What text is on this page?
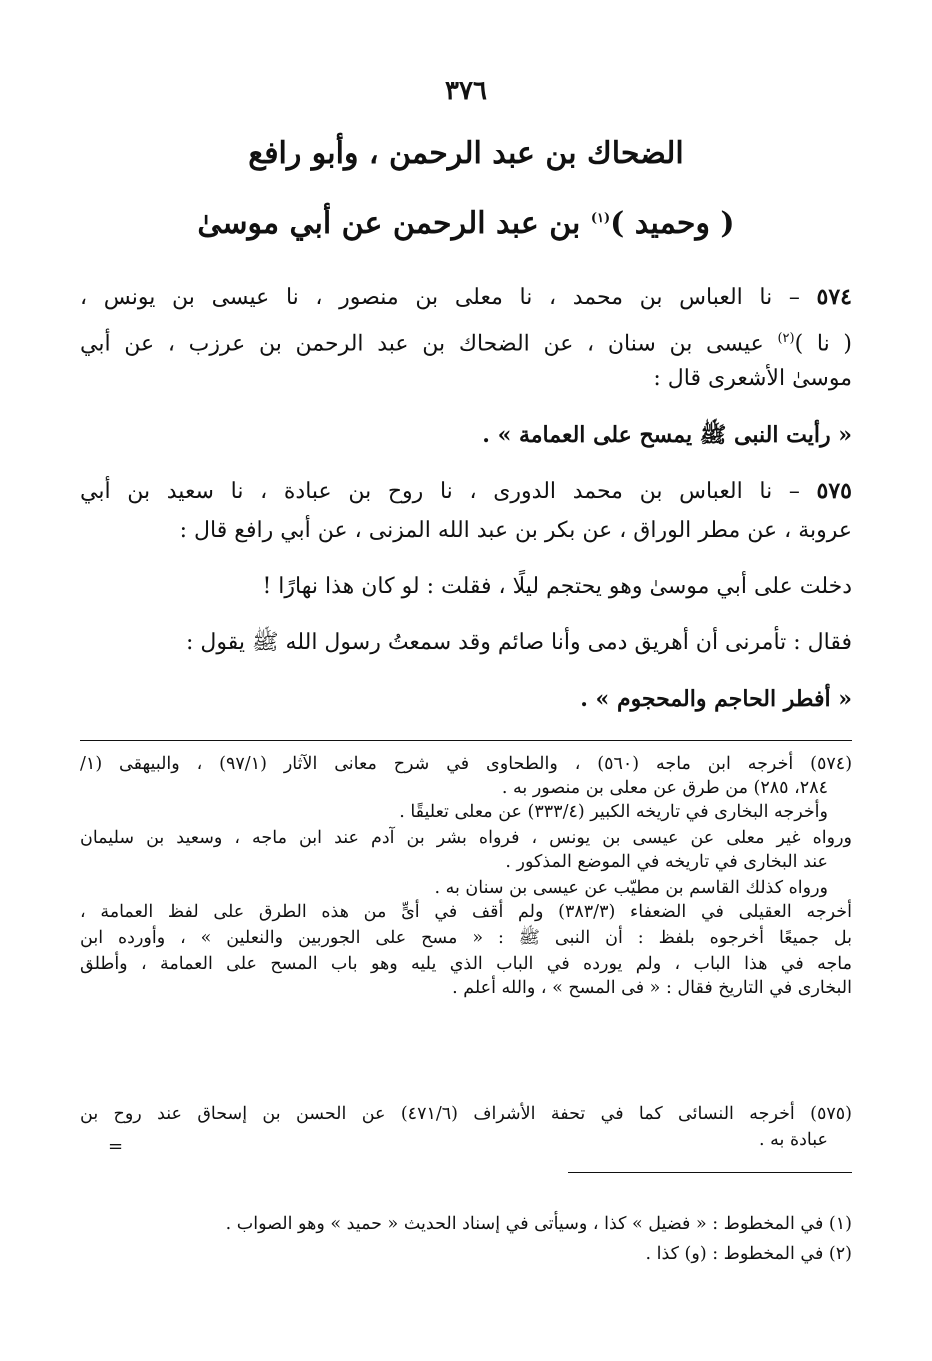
٣٧٦
الضحاك بن عبد الرحمن ، وأبو رافع
( وحميد )$^{(١)}$ بن عبد الرحمن عن أبي موسىٰ
٥٧٤ – نا العباس بن محمد ، نا معلى بن منصور ، نا عيسى بن يونس ،
( نا )$^{(٢)}$ عيسى بن سنان ، عن الضحاك بن عبد الرحمن بن عرزب ، عن أبي
موسىٰ الأشعرى قال :
« رأيت النبى ﷺ يمسح على العمامة » .
٥٧٥ – نا العباس بن محمد الدورى ، نا روح بن عبادة ، نا سعيد بن أبي
عروبة ، عن مطر الوراق ، عن بكر بن عبد الله المزنى ، عن أبي رافع قال :
دخلت على أبي موسىٰ وهو يحتجم ليلًا ، فقلت : لو كان هذا نهارًا !
فقال : تأمرنى أن أهريق دمى وأنا صائم وقد سمعتُ رسول الله ﷺ يقول :
« أفطر الحاجم والمحجوم » .
(٥٧٤) أخرجه ابن ماجه (٥٦٠) ، والطحاوى في شرح معانى الآثار (٩٧/١) ، والبيهقى (١/
٢٨٤، ٢٨٥) من طرق عن معلى بن منصور به .
وأخرجه البخارى في تاريخه الكبير (٣٣٣/٤) عن معلى تعليقًا .
ورواه غير معلى عن عيسى بن يونس ، فرواه بشر بن آدم عند ابن ماجه ، وسعيد بن سليمان
عند البخارى في تاريخه في الموضع المذكور .
ورواه كذلك القاسم بن مطيّب عن عيسى بن سنان به .
أخرجه العقيلى في الضعفاء (٣٨٣/٣) ولم أقف في أىٍّ من هذه الطرق على لفظ العمامة ،
بل جميعًا أخرجوه بلفظ : أن النبى ﷺ : « مسح على الجوربين والنعلين » ، وأورده ابن
ماجه في هذا الباب ، ولم يورده في الباب الذي يليه وهو باب المسح على العمامة ، وأطلق
البخارى في التاريخ فقال : « فى المسح » ، والله أعلم .
(٥٧٥) أخرجه النسائى كما في تحفة الأشراف (٤٧١/٦) عن الحسن بن إسحاق عند روح بن
عبادة به .
=
(١) في المخطوط : « فضيل » كذا ، وسيأتى في إسناد الحديث « حميد » وهو الصواب .
(٢) في المخطوط : (و) كذا .
